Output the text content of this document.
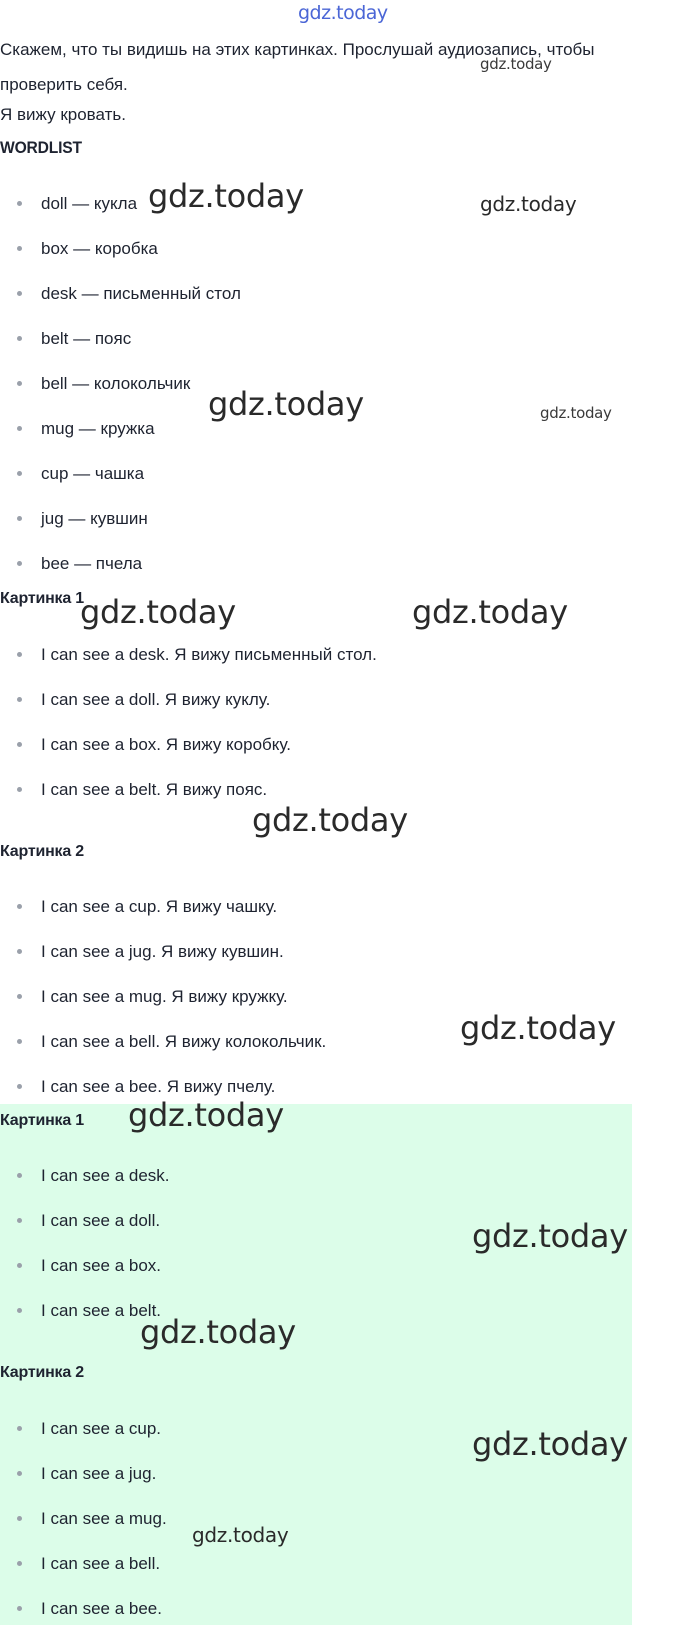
gdz.today

Скажем, что ты видишь на этих картинках. Прослушай аудиозапись, чтобы проверить себя.

Я вижу кровать.

WORDLIST
doll — кукла
box — коробка
desk — письменный стол
belt — пояс
bell — колокольчик
mug — кружка
cup — чашка
jug — кувшин
bee — пчела
Картинка 1
I can see a desk. Я вижу письменный стол.
I can see a doll. Я вижу куклу.
I can see a box. Я вижу коробку.
I can see a belt. Я вижу пояс.
Картинка 2
I can see a cup. Я вижу чашку.
I can see a jug. Я вижу кувшин.
I can see a mug. Я вижу кружку.
I can see a bell. Я вижу колокольчик.
I can see a bee. Я вижу пчелу.
Картинка 1
I can see a desk.
I can see a doll.
I can see a box.
I can see a belt.
Картинка 2
I can see a cup.
I can see a jug.
I can see a mug.
I can see a bell.
I can see a bee.
gdz.today
gdz.today	gdz.today
gdz.today	gdz.today
gdz.today	gdz.today
gdz.today
gdz.today
gdz.today
gdz.today
gdz.today
gdz.today
gdz.today
